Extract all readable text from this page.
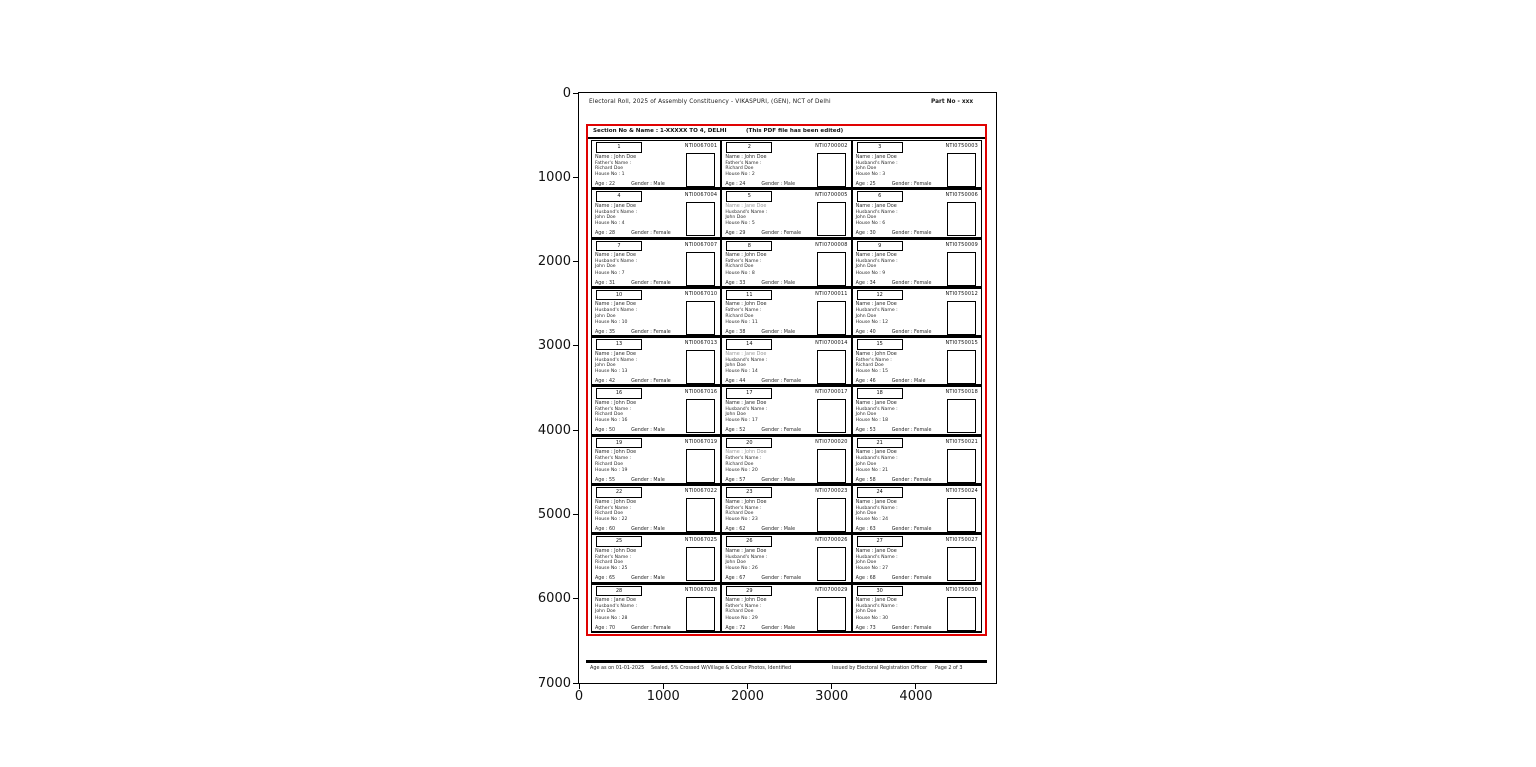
0
1000
2000
3000
4000
5000
6000
7000
0	1000	2000	3000	4000
Electoral Roll, 2025 of Assembly Constituency - VIKASPURI, (GEN), NCT of Delhi	Part No - xxx
Section No & Name : 1-XXXXX TO 4, DELHI	(This PDF file has been edited)
1	NTI0067001
Name : John Doe
Father's Name :
Richard Doe
House No : 1
Age : 22	Gender : Male
2	NTI0700002
Name : John Doe
Father's Name :
Richard Doe
House No : 2
Age : 24	Gender : Male
3	NTI0750003
Name : Jane Doe
Husband's Name :
John Doe
House No : 3
Age : 25	Gender : Female
4	NTI0067004
Name : Jane Doe
Husband's Name :
John Doe
House No : 4
Age : 28	Gender : Female
5	NTI0700005
Name : Jane Doe
Husband's Name :
John Doe
House No : 5
Age : 29	Gender : Female
6	NTI0750006
Name : Jane Doe
Husband's Name :
John Doe
House No : 6
Age : 30	Gender : Female
7	NTI0067007
Name : Jane Doe
Husband's Name :
John Doe
House No : 7
Age : 31	Gender : Female
8	NTI0700008
Name : John Doe
Father's Name :
Richard Doe
House No : 8
Age : 33	Gender : Male
9	NTI0750009
Name : Jane Doe
Husband's Name :
John Doe
House No : 9
Age : 34	Gender : Female
10	NTI0067010
Name : Jane Doe
Husband's Name :
John Doe
House No : 10
Age : 35	Gender : Female
11	NTI0700011
Name : John Doe
Father's Name :
Richard Doe
House No : 11
Age : 38	Gender : Male
12	NTI0750012
Name : Jane Doe
Husband's Name :
John Doe
House No : 12
Age : 40	Gender : Female
13	NTI0067013
Name : Jane Doe
Husband's Name :
John Doe
House No : 13
Age : 42	Gender : Female
14	NTI0700014
Name : Jane Doe
Husband's Name :
John Doe
House No : 14
Age : 44	Gender : Female
15	NTI0750015
Name : John Doe
Father's Name :
Richard Doe
House No : 15
Age : 46	Gender : Male
16	NTI0067016
Name : John Doe
Father's Name :
Richard Doe
House No : 16
Age : 50	Gender : Male
17	NTI0700017
Name : Jane Doe
Husband's Name :
John Doe
House No : 17
Age : 52	Gender : Female
18	NTI0750018
Name : Jane Doe
Husband's Name :
John Doe
House No : 18
Age : 53	Gender : Female
19	NTI0067019
Name : John Doe
Father's Name :
Richard Doe
House No : 19
Age : 55	Gender : Male
20	NTI0700020
Name : John Doe
Father's Name :
Richard Doe
House No : 20
Age : 57	Gender : Male
21	NTI0750021
Name : Jane Doe
Husband's Name :
John Doe
House No : 21
Age : 58	Gender : Female
22	NTI0067022
Name : John Doe
Father's Name :
Richard Doe
House No : 22
Age : 60	Gender : Male
23	NTI0700023
Name : John Doe
Father's Name :
Richard Doe
House No : 23
Age : 62	Gender : Male
24	NTI0750024
Name : Jane Doe
Husband's Name :
John Doe
House No : 24
Age : 63	Gender : Female
25	NTI0067025
Name : John Doe
Father's Name :
Richard Doe
House No : 25
Age : 65	Gender : Male
26	NTI0700026
Name : Jane Doe
Husband's Name :
John Doe
House No : 26
Age : 67	Gender : Female
27	NTI0750027
Name : Jane Doe
Husband's Name :
John Doe
House No : 27
Age : 68	Gender : Female
28	NTI0067028
Name : Jane Doe
Husband's Name :
John Doe
House No : 28
Age : 70	Gender : Female
29	NTI0700029
Name : John Doe
Father's Name :
Richard Doe
House No : 29
Age : 72	Gender : Male
30	NTI0750030
Name : Jane Doe
Husband's Name :
John Doe
House No : 30
Age : 73	Gender : Female
Age as on 01-01-2025 Sealed, 5% Crossed W/Village & Colour Photos, Identified	Issued by Electoral Registration Officer Page 2 of 3
